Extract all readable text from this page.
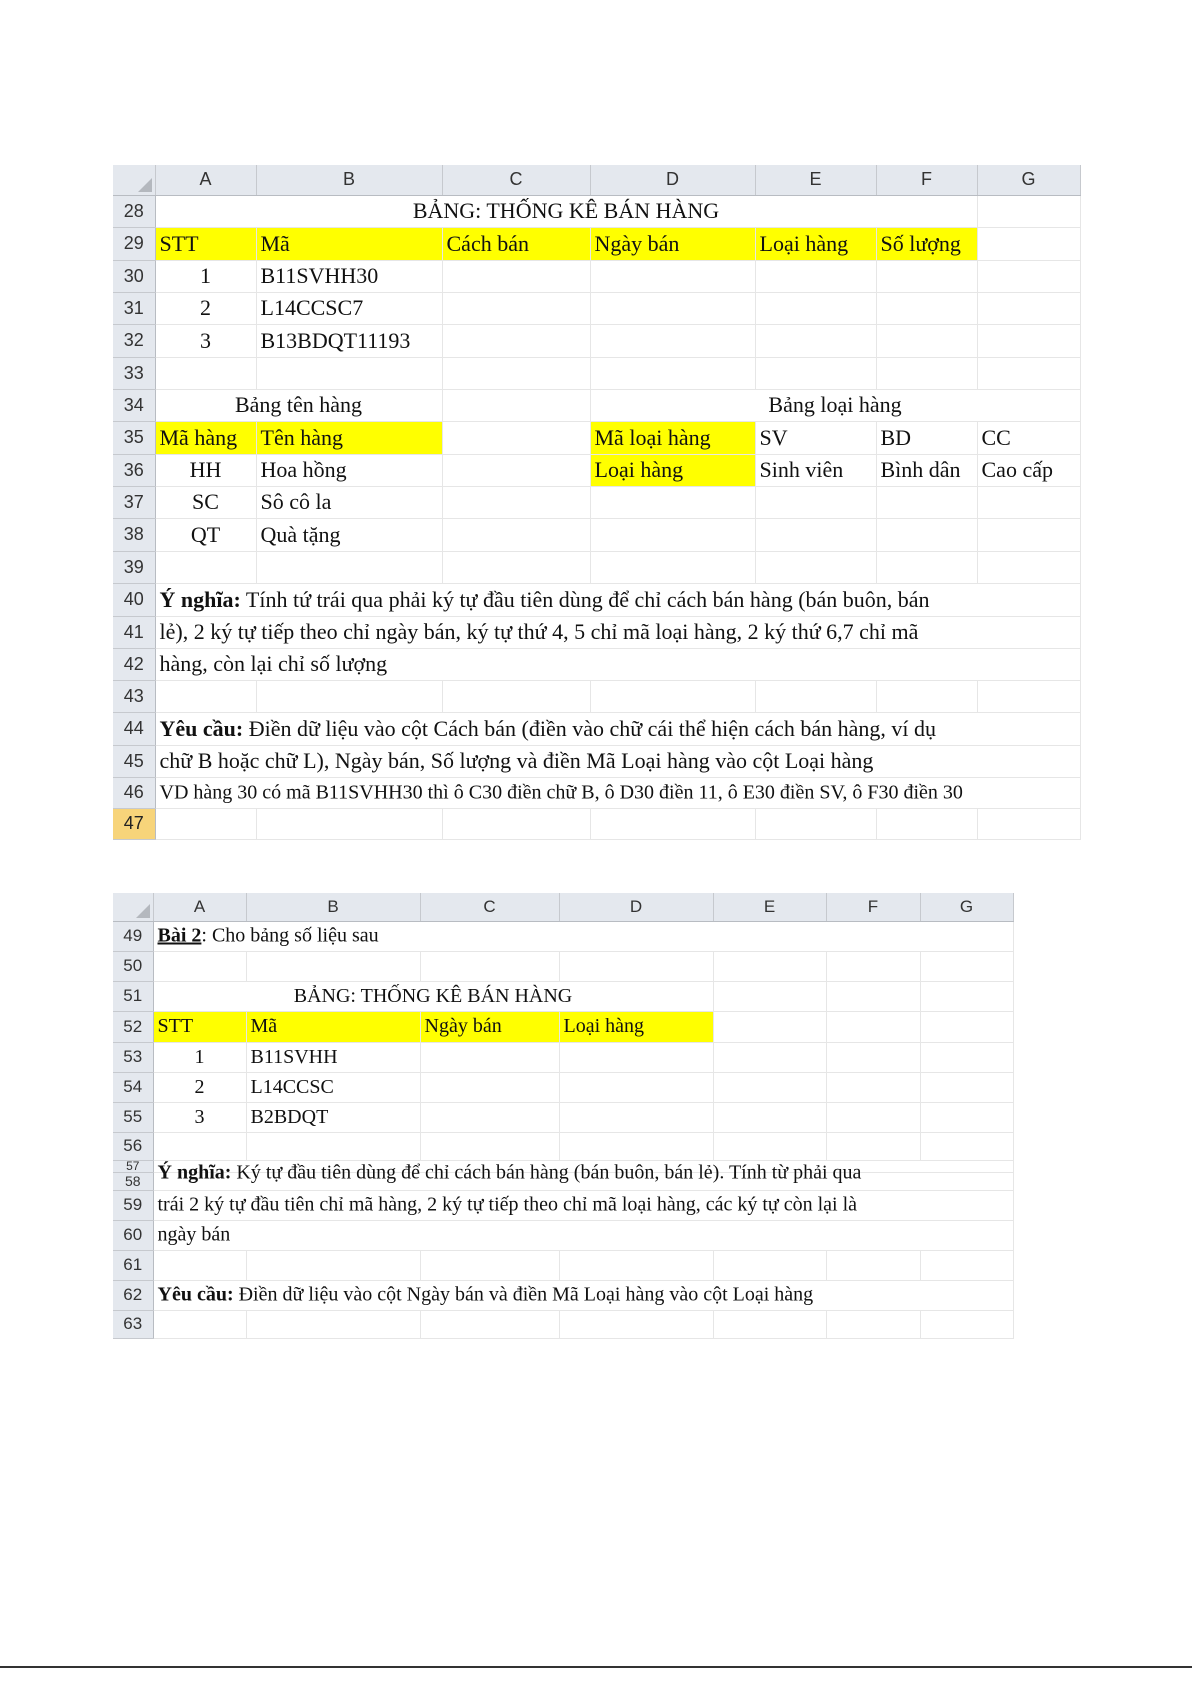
	A	B	C	D	E	F	G
28	BẢNG: THỐNG KÊ BÁN HÀNG						
29	STT	Mã	Cách bán	Ngày bán	Loại hàng	Số lượng	
30	1	B11SVHH30					
31	2	L14CCSC7					
32	3	B13BDQT11193					
33							
34	Bảng tên hàng			Bảng loại hàng			
35	Mã hàng	Tên hàng		Mã loại hàng	SV	BD	CC
36	HH	Hoa hồng		Loại hàng	Sinh viên	Bình dân	Cao cấp
37	SC	Sô cô la					
38	QT	Quà tặng					
39							
40	Ý nghĩa: Tính tứ trái qua phải ký tự đầu tiên dùng để chỉ cách bán hàng (bán buôn, bán						

41	lẻ), 2 ký tự tiếp theo chỉ ngày bán, ký tự thứ 4, 5 chỉ mã loại hàng, 2 ký thứ 6,7 chỉ mã						

42	hàng, còn lại chỉ số lượng						

43							
44	Yêu cầu: Điền dữ liệu vào cột Cách bán (điền vào chữ cái thể hiện cách bán hàng, ví dụ						

45	chữ B hoặc chữ L), Ngày bán, Số lượng và điền Mã Loại hàng vào cột Loại hàng						

46	VD hàng 30 có mã B11SVHH30 thì ô C30 điền chữ B, ô D30 điền 11, ô E30 điền SV, ô F30 điền 30						

47							
	A	B	C	D	E	F	G
49	Bài 2: Cho bảng số liệu sau						

50							
51	BẢNG: THỐNG KÊ BÁN HÀNG						
52	STT	Mã	Ngày bán	Loại hàng			
53	1	B11SVHH					
54	2	L14CCSC					
55	3	B2BDQT					
56							
57							
58	Ý nghĩa: Ký tự đầu tiên dùng để chỉ cách bán hàng (bán buôn, bán lẻ). Tính từ phải qua						

59	trái 2 ký tự đầu tiên chỉ mã hàng, 2 ký tự tiếp theo chỉ mã loại hàng, các ký tự còn lại là						

60	ngày bán						

61							
62	Yêu cầu: Điền dữ liệu vào cột Ngày bán và điền Mã Loại hàng vào cột Loại hàng						

63							
